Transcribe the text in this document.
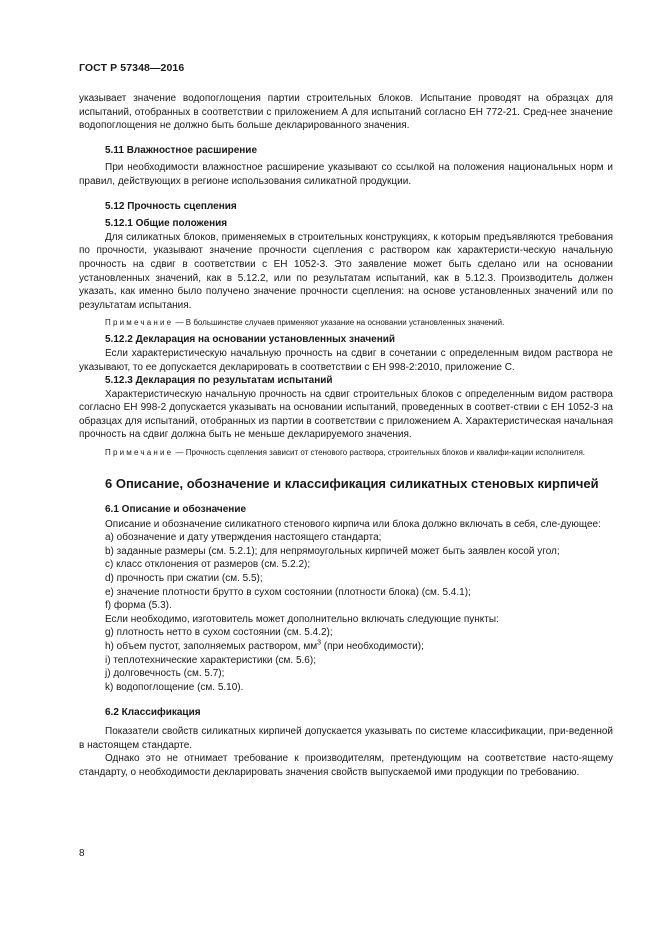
ГОСТ Р 57348—2016

указывает значение водопоглощения партии строительных блоков. Испытание проводят на образцах для испытаний, отобранных в соответствии с приложением А для испытаний согласно ЕН 772-21. Сред-нее значение водопоглощения не должно быть больше декларированного значения.

5.11 Влажностное расширение

При необходимости влажностное расширение указывают со ссылкой на положения национальных норм и правил, действующих в регионе использования силикатной продукции.

5.12 Прочность сцепления
5.12.1 Общие положения

Для силикатных блоков, применяемых в строительных конструкциях, к которым предъявляются требования по прочности, указывают значение прочности сцепления с раствором как характеристи-ческую начальную прочность на сдвиг в соответствии с ЕН 1052-3. Это заявление может быть сделано или на основании установленных значений, как в 5.12.2, или по результатам испытаний, как в 5.12.3. Производитель должен указать, как именно было получено значение прочности сцепления: на основе установленных значений или по результатам испытания.

Примечание — В большинстве случаев применяют указание на основании установленных значений.

5.12.2 Декларация на основании установленных значений

Если характеристическую начальную прочность на сдвиг в сочетании с определенным видом раствора не указывают, то ее допускается декларировать в соответствии с ЕН 998-2:2010, приложение С.

5.12.3 Декларация по результатам испытаний

Характеристическую начальную прочность на сдвиг строительных блоков с определенным видом раствора согласно ЕН 998-2 допускается указывать на основании испытаний, проведенных в соответ-ствии с ЕН 1052-3 на образцах для испытаний, отобранных из партии в соответствии с приложением А. Характеристическая начальная прочность на сдвиг должна быть не меньше декларируемого значения.

Примечание — Прочность сцепления зависит от стенового раствора, строительных блоков и квалифи-кации исполнителя.

6 Описание, обозначение и классификация силикатных стеновых кирпичей
6.1 Описание и обозначение

Описание и обозначение силикатного стенового кирпича или блока должно включать в себя, сле-дующее:

а) обозначение и дату утверждения настоящего стандарта;

b) заданные размеры (см. 5.2.1); для непрямоугольных кирпичей может быть заявлен косой угол;

с) класс отклонения от размеров (см. 5.2.2);

d) прочность при сжатии (см. 5.5);

е) значение плотности брутто в сухом состоянии (плотности блока) (см. 5.4.1);

f) форма (5.3).

Если необходимо, изготовитель может дополнительно включать следующие пункты:

g) плотность нетто в сухом состоянии (см. 5.4.2);

h) объем пустот, заполняемых раствором, $мм^3$ (при необходимости);

i) теплотехнические характеристики (см. 5.6);

j) долговечность (см. 5.7);

k) водопоглощение (см. 5.10).

6.2 Классификация

Показатели свойств силикатных кирпичей допускается указывать по системе классификации, при-веденной в настоящем стандарте.

Однако это не отнимает требование к производителям, претендующим на соответствие насто-ящему стандарту, о необходимости декларировать значения свойств выпускаемой ими продукции по требованию.

8
